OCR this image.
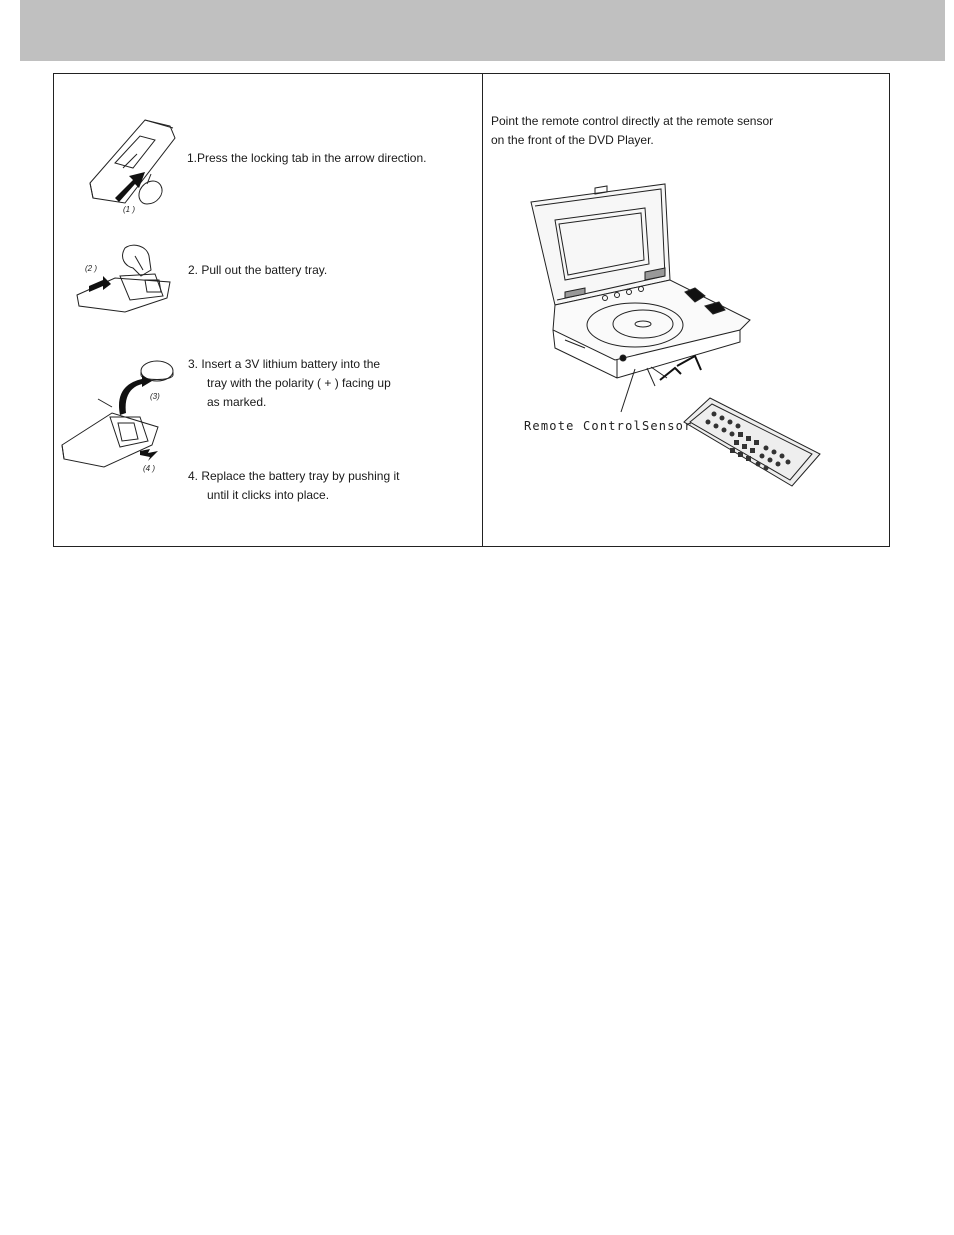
(1 )
(2 )
(3)
(4 )
1.Press the locking tab in the arrow direction.
2. Pull out the battery tray.
3. Insert a 3V lithium battery into the
tray with the polarity ( + ) facing up
as marked.
4. Replace the battery tray by pushing it
until it clicks into place.
Point the remote control directly at the remote sensor
on the front of the DVD Player.
Remote ControlSensor
